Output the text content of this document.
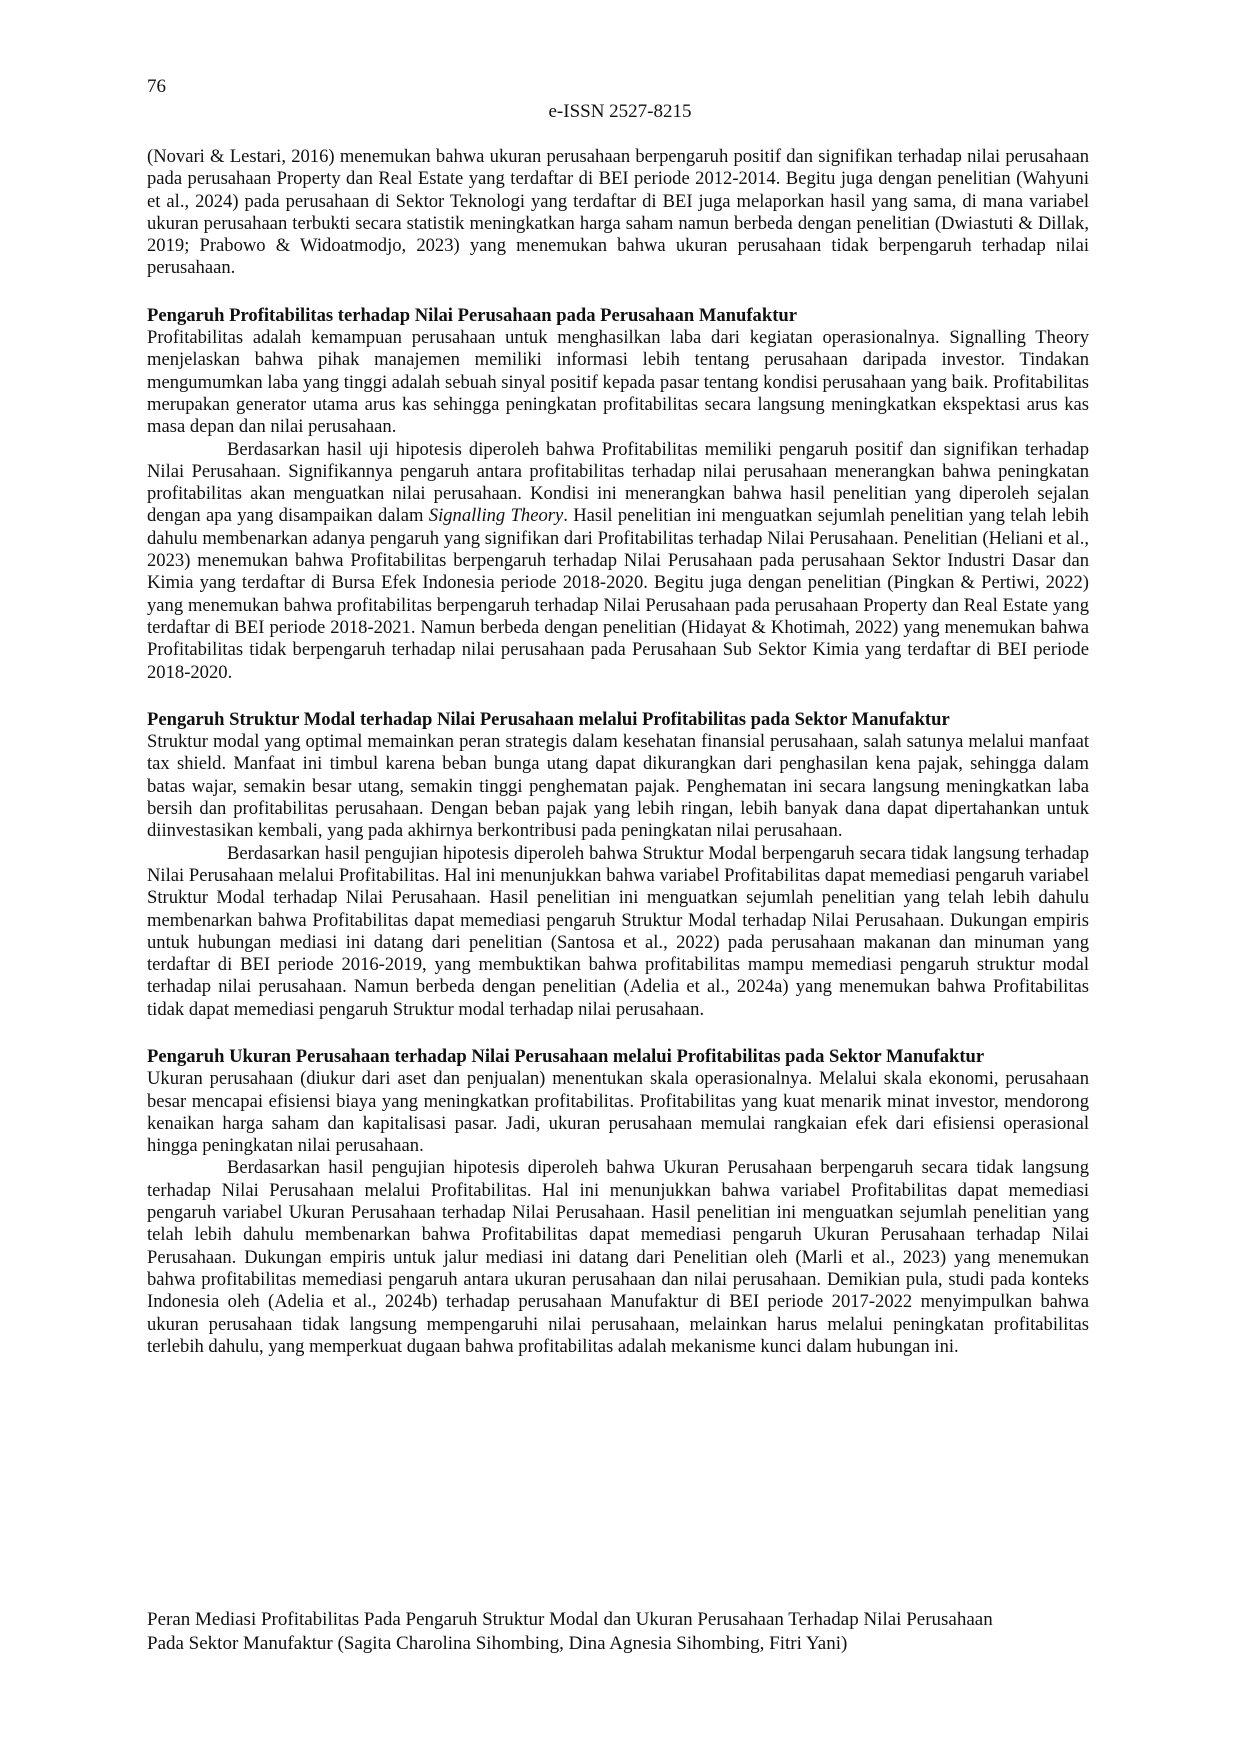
76
e-ISSN 2527-8215

(Novari & Lestari, 2016) menemukan bahwa ukuran perusahaan berpengaruh positif dan signifikan terhadap nilai perusahaan pada perusahaan Property dan Real Estate yang terdaftar di BEI periode 2012-2014. Begitu juga dengan penelitian (Wahyuni et al., 2024) pada perusahaan di Sektor Teknologi yang terdaftar di BEI juga melaporkan hasil yang sama, di mana variabel ukuran perusahaan terbukti secara statistik meningkatkan harga saham namun berbeda dengan penelitian (Dwiastuti & Dillak, 2019; Prabowo & Widoatmodjo, 2023) yang menemukan bahwa ukuran perusahaan tidak berpengaruh terhadap nilai perusahaan.

Pengaruh Profitabilitas terhadap Nilai Perusahaan pada Perusahaan Manufaktur

Profitabilitas adalah kemampuan perusahaan untuk menghasilkan laba dari kegiatan operasionalnya. Signalling Theory menjelaskan bahwa pihak manajemen memiliki informasi lebih tentang perusahaan daripada investor. Tindakan mengumumkan laba yang tinggi adalah sebuah sinyal positif kepada pasar tentang kondisi perusahaan yang baik. Profitabilitas merupakan generator utama arus kas sehingga peningkatan profitabilitas secara langsung meningkatkan ekspektasi arus kas masa depan dan nilai perusahaan.

Berdasarkan hasil uji hipotesis diperoleh bahwa Profitabilitas memiliki pengaruh positif dan signifikan terhadap Nilai Perusahaan. Signifikannya pengaruh antara profitabilitas terhadap nilai perusahaan menerangkan bahwa peningkatan profitabilitas akan menguatkan nilai perusahaan. Kondisi ini menerangkan bahwa hasil penelitian yang diperoleh sejalan dengan apa yang disampaikan dalam Signalling Theory. Hasil penelitian ini menguatkan sejumlah penelitian yang telah lebih dahulu membenarkan adanya pengaruh yang signifikan dari Profitabilitas terhadap Nilai Perusahaan. Penelitian (Heliani et al., 2023) menemukan bahwa Profitabilitas berpengaruh terhadap Nilai Perusahaan pada perusahaan Sektor Industri Dasar dan Kimia yang terdaftar di Bursa Efek Indonesia periode 2018-2020. Begitu juga dengan penelitian (Pingkan & Pertiwi, 2022) yang menemukan bahwa profitabilitas berpengaruh terhadap Nilai Perusahaan pada perusahaan Property dan Real Estate yang terdaftar di BEI periode 2018-2021. Namun berbeda dengan penelitian (Hidayat & Khotimah, 2022) yang menemukan bahwa Profitabilitas tidak berpengaruh terhadap nilai perusahaan pada Perusahaan Sub Sektor Kimia yang terdaftar di BEI periode 2018-2020.

Pengaruh Struktur Modal terhadap Nilai Perusahaan melalui Profitabilitas pada Sektor Manufaktur

Struktur modal yang optimal memainkan peran strategis dalam kesehatan finansial perusahaan, salah satunya melalui manfaat tax shield. Manfaat ini timbul karena beban bunga utang dapat dikurangkan dari penghasilan kena pajak, sehingga dalam batas wajar, semakin besar utang, semakin tinggi penghematan pajak. Penghematan ini secara langsung meningkatkan laba bersih dan profitabilitas perusahaan. Dengan beban pajak yang lebih ringan, lebih banyak dana dapat dipertahankan untuk diinvestasikan kembali, yang pada akhirnya berkontribusi pada peningkatan nilai perusahaan.

Berdasarkan hasil pengujian hipotesis diperoleh bahwa Struktur Modal berpengaruh secara tidak langsung terhadap Nilai Perusahaan melalui Profitabilitas. Hal ini menunjukkan bahwa variabel Profitabilitas dapat memediasi pengaruh variabel Struktur Modal terhadap Nilai Perusahaan. Hasil penelitian ini menguatkan sejumlah penelitian yang telah lebih dahulu membenarkan bahwa Profitabilitas dapat memediasi pengaruh Struktur Modal terhadap Nilai Perusahaan. Dukungan empiris untuk hubungan mediasi ini datang dari penelitian (Santosa et al., 2022) pada perusahaan makanan dan minuman yang terdaftar di BEI periode 2016-2019, yang membuktikan bahwa profitabilitas mampu memediasi pengaruh struktur modal terhadap nilai perusahaan. Namun berbeda dengan penelitian (Adelia et al., 2024a) yang menemukan bahwa Profitabilitas tidak dapat memediasi pengaruh Struktur modal terhadap nilai perusahaan.

Pengaruh Ukuran Perusahaan terhadap Nilai Perusahaan melalui Profitabilitas pada Sektor Manufaktur

Ukuran perusahaan (diukur dari aset dan penjualan) menentukan skala operasionalnya. Melalui skala ekonomi, perusahaan besar mencapai efisiensi biaya yang meningkatkan profitabilitas. Profitabilitas yang kuat menarik minat investor, mendorong kenaikan harga saham dan kapitalisasi pasar. Jadi, ukuran perusahaan memulai rangkaian efek dari efisiensi operasional hingga peningkatan nilai perusahaan.

Berdasarkan hasil pengujian hipotesis diperoleh bahwa Ukuran Perusahaan berpengaruh secara tidak langsung terhadap Nilai Perusahaan melalui Profitabilitas. Hal ini menunjukkan bahwa variabel Profitabilitas dapat memediasi pengaruh variabel Ukuran Perusahaan terhadap Nilai Perusahaan. Hasil penelitian ini menguatkan sejumlah penelitian yang telah lebih dahulu membenarkan bahwa Profitabilitas dapat memediasi pengaruh Ukuran Perusahaan terhadap Nilai Perusahaan. Dukungan empiris untuk jalur mediasi ini datang dari Penelitian oleh (Marli et al., 2023) yang menemukan bahwa profitabilitas memediasi pengaruh antara ukuran perusahaan dan nilai perusahaan. Demikian pula, studi pada konteks Indonesia oleh (Adelia et al., 2024b) terhadap perusahaan Manufaktur di BEI periode 2017-2022 menyimpulkan bahwa ukuran perusahaan tidak langsung mempengaruhi nilai perusahaan, melainkan harus melalui peningkatan profitabilitas terlebih dahulu, yang memperkuat dugaan bahwa profitabilitas adalah mekanisme kunci dalam hubungan ini.

Peran Mediasi Profitabilitas Pada Pengaruh Struktur Modal dan Ukuran Perusahaan Terhadap Nilai Perusahaan
Pada Sektor Manufaktur (Sagita Charolina Sihombing, Dina Agnesia Sihombing, Fitri Yani)
